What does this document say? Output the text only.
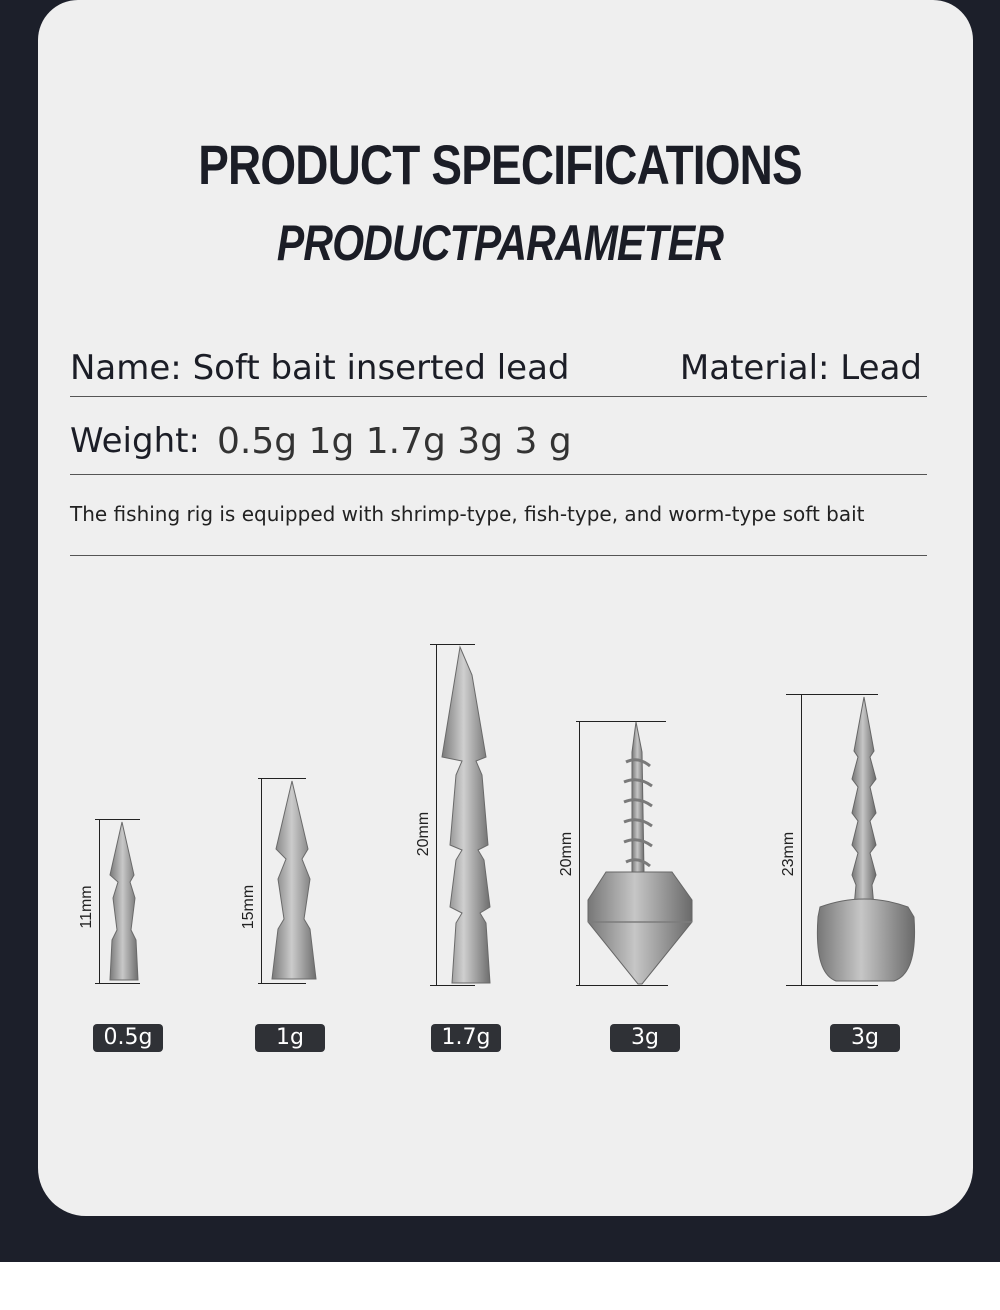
PRODUCT SPECIFICATIONS
PRODUCTPARAMETER
Name: Soft bait inserted lead	Material: Lead
Weight: 0.5g 1g 1.7g 3g 3 g
The fishing rig is equipped with shrimp-type, fish-type, and worm-type soft bait
11mm
0.5g
15mm
1g
20mm
1.7g
20mm
3g
23mm
3g
